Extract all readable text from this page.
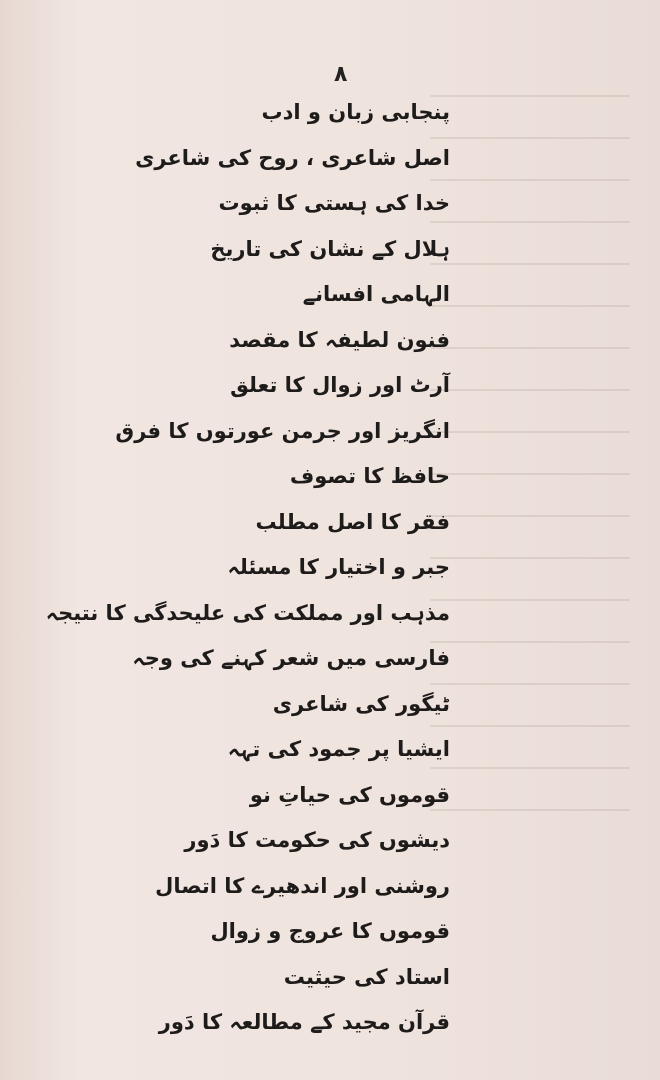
۸
پنجابی زبان و ادب
اصل شاعری ، روح کی شاعری
خدا کی ہستی کا ثبوت
ہلال کے نشان کی تاریخ
الہامی افسانے
فنون لطیفہ کا مقصد
آرٹ اور زوال کا تعلق
انگریز اور جرمن عورتوں کا فرق
حافظ کا تصوف
فقر کا اصل مطلب
جبر و اختیار کا مسئلہ
مذہب اور مملکت کی علیحدگی کا نتیجہ
فارسی میں شعر کہنے کی وجہ
ٹیگور کی شاعری
ایشیا پر جمود کی تہہ
قوموں کی حیاتِ نو
دیشوں کی حکومت کا دَور
روشنی اور اندھیرے کا اتصال
قوموں کا عروج و زوال
استاد کی حیثیت
قرآن مجید کے مطالعہ کا دَور
